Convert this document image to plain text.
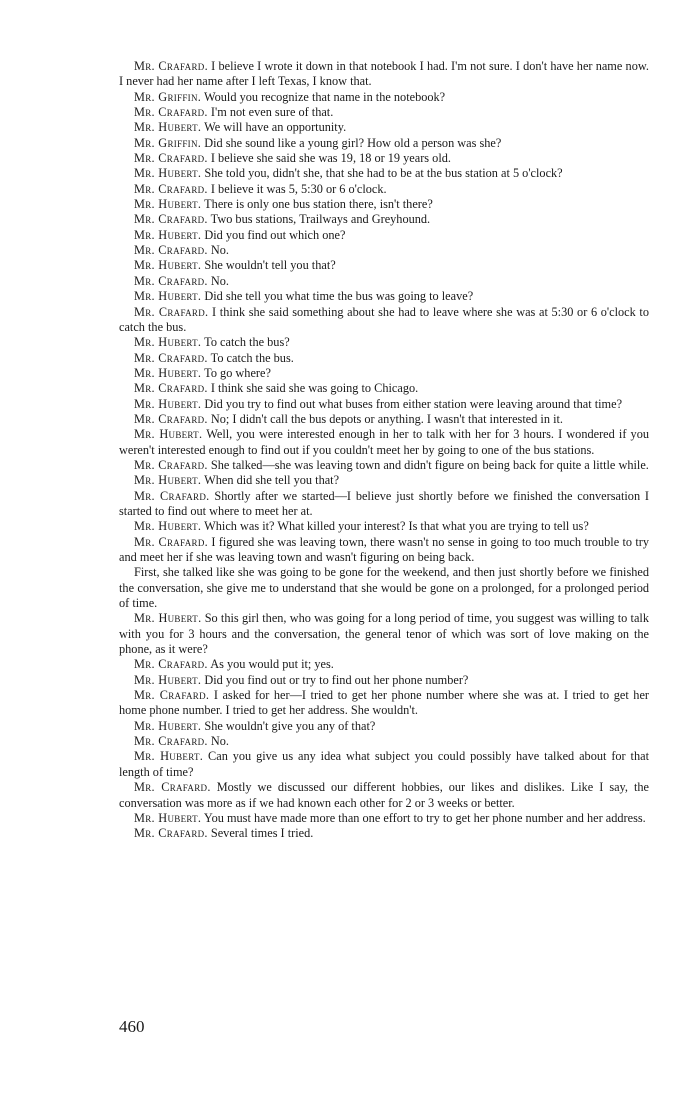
Mr. Crafard. I believe I wrote it down in that notebook I had. I'm not sure. I don't have her name now. I never had her name after I left Texas, I know that.

Mr. Griffin. Would you recognize that name in the notebook?

Mr. Crafard. I'm not even sure of that.

Mr. Hubert. We will have an opportunity.

Mr. Griffin. Did she sound like a young girl? How old a person was she?

Mr. Crafard. I believe she said she was 19, 18 or 19 years old.

Mr. Hubert. She told you, didn't she, that she had to be at the bus station at 5 o'clock?

Mr. Crafard. I believe it was 5, 5:30 or 6 o'clock.

Mr. Hubert. There is only one bus station there, isn't there?

Mr. Crafard. Two bus stations, Trailways and Greyhound.

Mr. Hubert. Did you find out which one?

Mr. Crafard. No.

Mr. Hubert. She wouldn't tell you that?

Mr. Crafard. No.

Mr. Hubert. Did she tell you what time the bus was going to leave?

Mr. Crafard. I think she said something about she had to leave where she was at 5:30 or 6 o'clock to catch the bus.

Mr. Hubert. To catch the bus?

Mr. Crafard. To catch the bus.

Mr. Hubert. To go where?

Mr. Crafard. I think she said she was going to Chicago.

Mr. Hubert. Did you try to find out what buses from either station were leaving around that time?

Mr. Crafard. No; I didn't call the bus depots or anything. I wasn't that interested in it.

Mr. Hubert. Well, you were interested enough in her to talk with her for 3 hours. I wondered if you weren't interested enough to find out if you couldn't meet her by going to one of the bus stations.

Mr. Crafard. She talked—she was leaving town and didn't figure on being back for quite a little while.

Mr. Hubert. When did she tell you that?

Mr. Crafard. Shortly after we started—I believe just shortly before we finished the conversation I started to find out where to meet her at.

Mr. Hubert. Which was it? What killed your interest? Is that what you are trying to tell us?

Mr. Crafard. I figured she was leaving town, there wasn't no sense in going to too much trouble to try and meet her if she was leaving town and wasn't figuring on being back.

First, she talked like she was going to be gone for the weekend, and then just shortly before we finished the conversation, she give me to understand that she would be gone on a prolonged, for a prolonged period of time.

Mr. Hubert. So this girl then, who was going for a long period of time, you suggest was willing to talk with you for 3 hours and the conversation, the general tenor of which was sort of love making on the phone, as it were?

Mr. Crafard. As you would put it; yes.

Mr. Hubert. Did you find out or try to find out her phone number?

Mr. Crafard. I asked for her—I tried to get her phone number where she was at. I tried to get her home phone number. I tried to get her address. She wouldn't.

Mr. Hubert. She wouldn't give you any of that?

Mr. Crafard. No.

Mr. Hubert. Can you give us any idea what subject you could possibly have talked about for that length of time?

Mr. Crafard. Mostly we discussed our different hobbies, our likes and dislikes. Like I say, the conversation was more as if we had known each other for 2 or 3 weeks or better.

Mr. Hubert. You must have made more than one effort to try to get her phone number and her address.

Mr. Crafard. Several times I tried.

460
